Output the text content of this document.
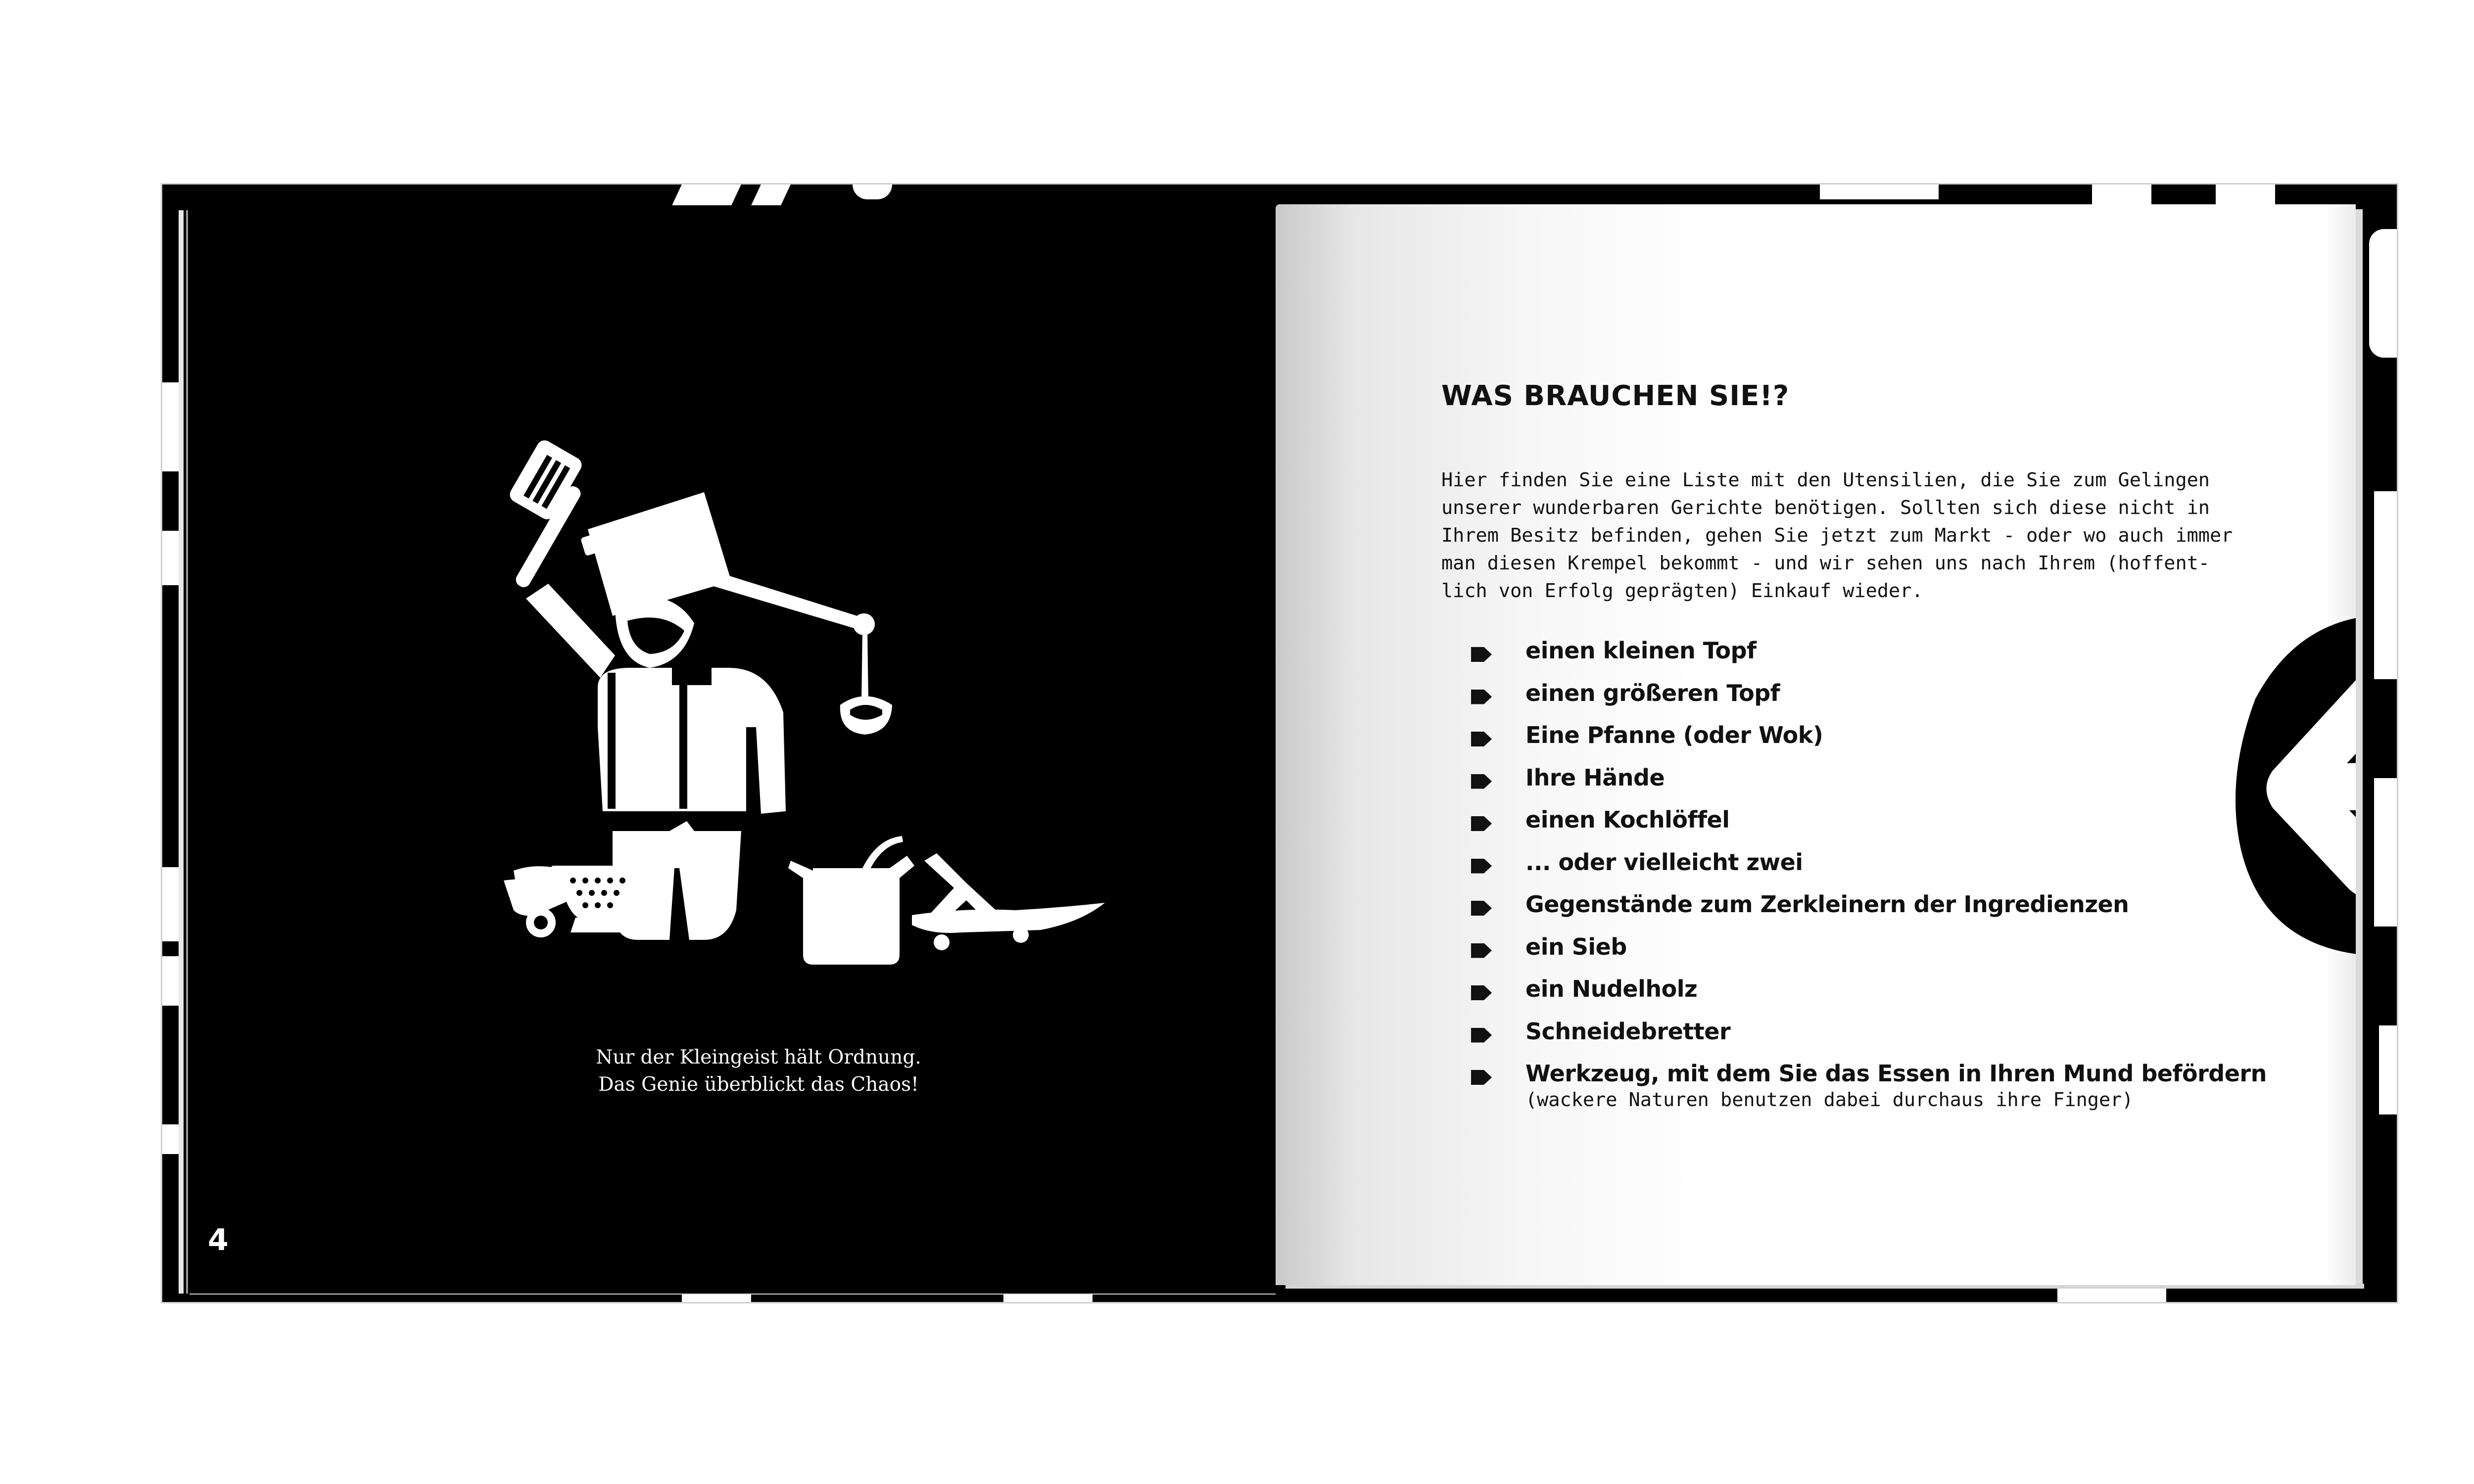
Nur der Kleingeist hält Ordnung.
Das Genie überblickt das Chaos!
4
WAS BRAUCHEN SIE!?
Hier finden Sie eine Liste mit den Utensilien, die Sie zum Gelingen
unserer wunderbaren Gerichte benötigen. Sollten sich diese nicht in
Ihrem Besitz befinden, gehen Sie jetzt zum Markt - oder wo auch immer
man diesen Krempel bekommt - und wir sehen uns nach Ihrem (hoffent-
lich von Erfolg geprägten) Einkauf wieder.
einen kleinen Topf
einen größeren Topf
Eine Pfanne (oder Wok)
Ihre Hände
einen Kochlöffel
... oder vielleicht zwei
Gegenstände zum Zerkleinern der Ingredienzen
ein Sieb
ein Nudelholz
Schneidebretter
Werkzeug, mit dem Sie das Essen in Ihren Mund befördern
(wackere Naturen benutzen dabei durchaus ihre Finger)
